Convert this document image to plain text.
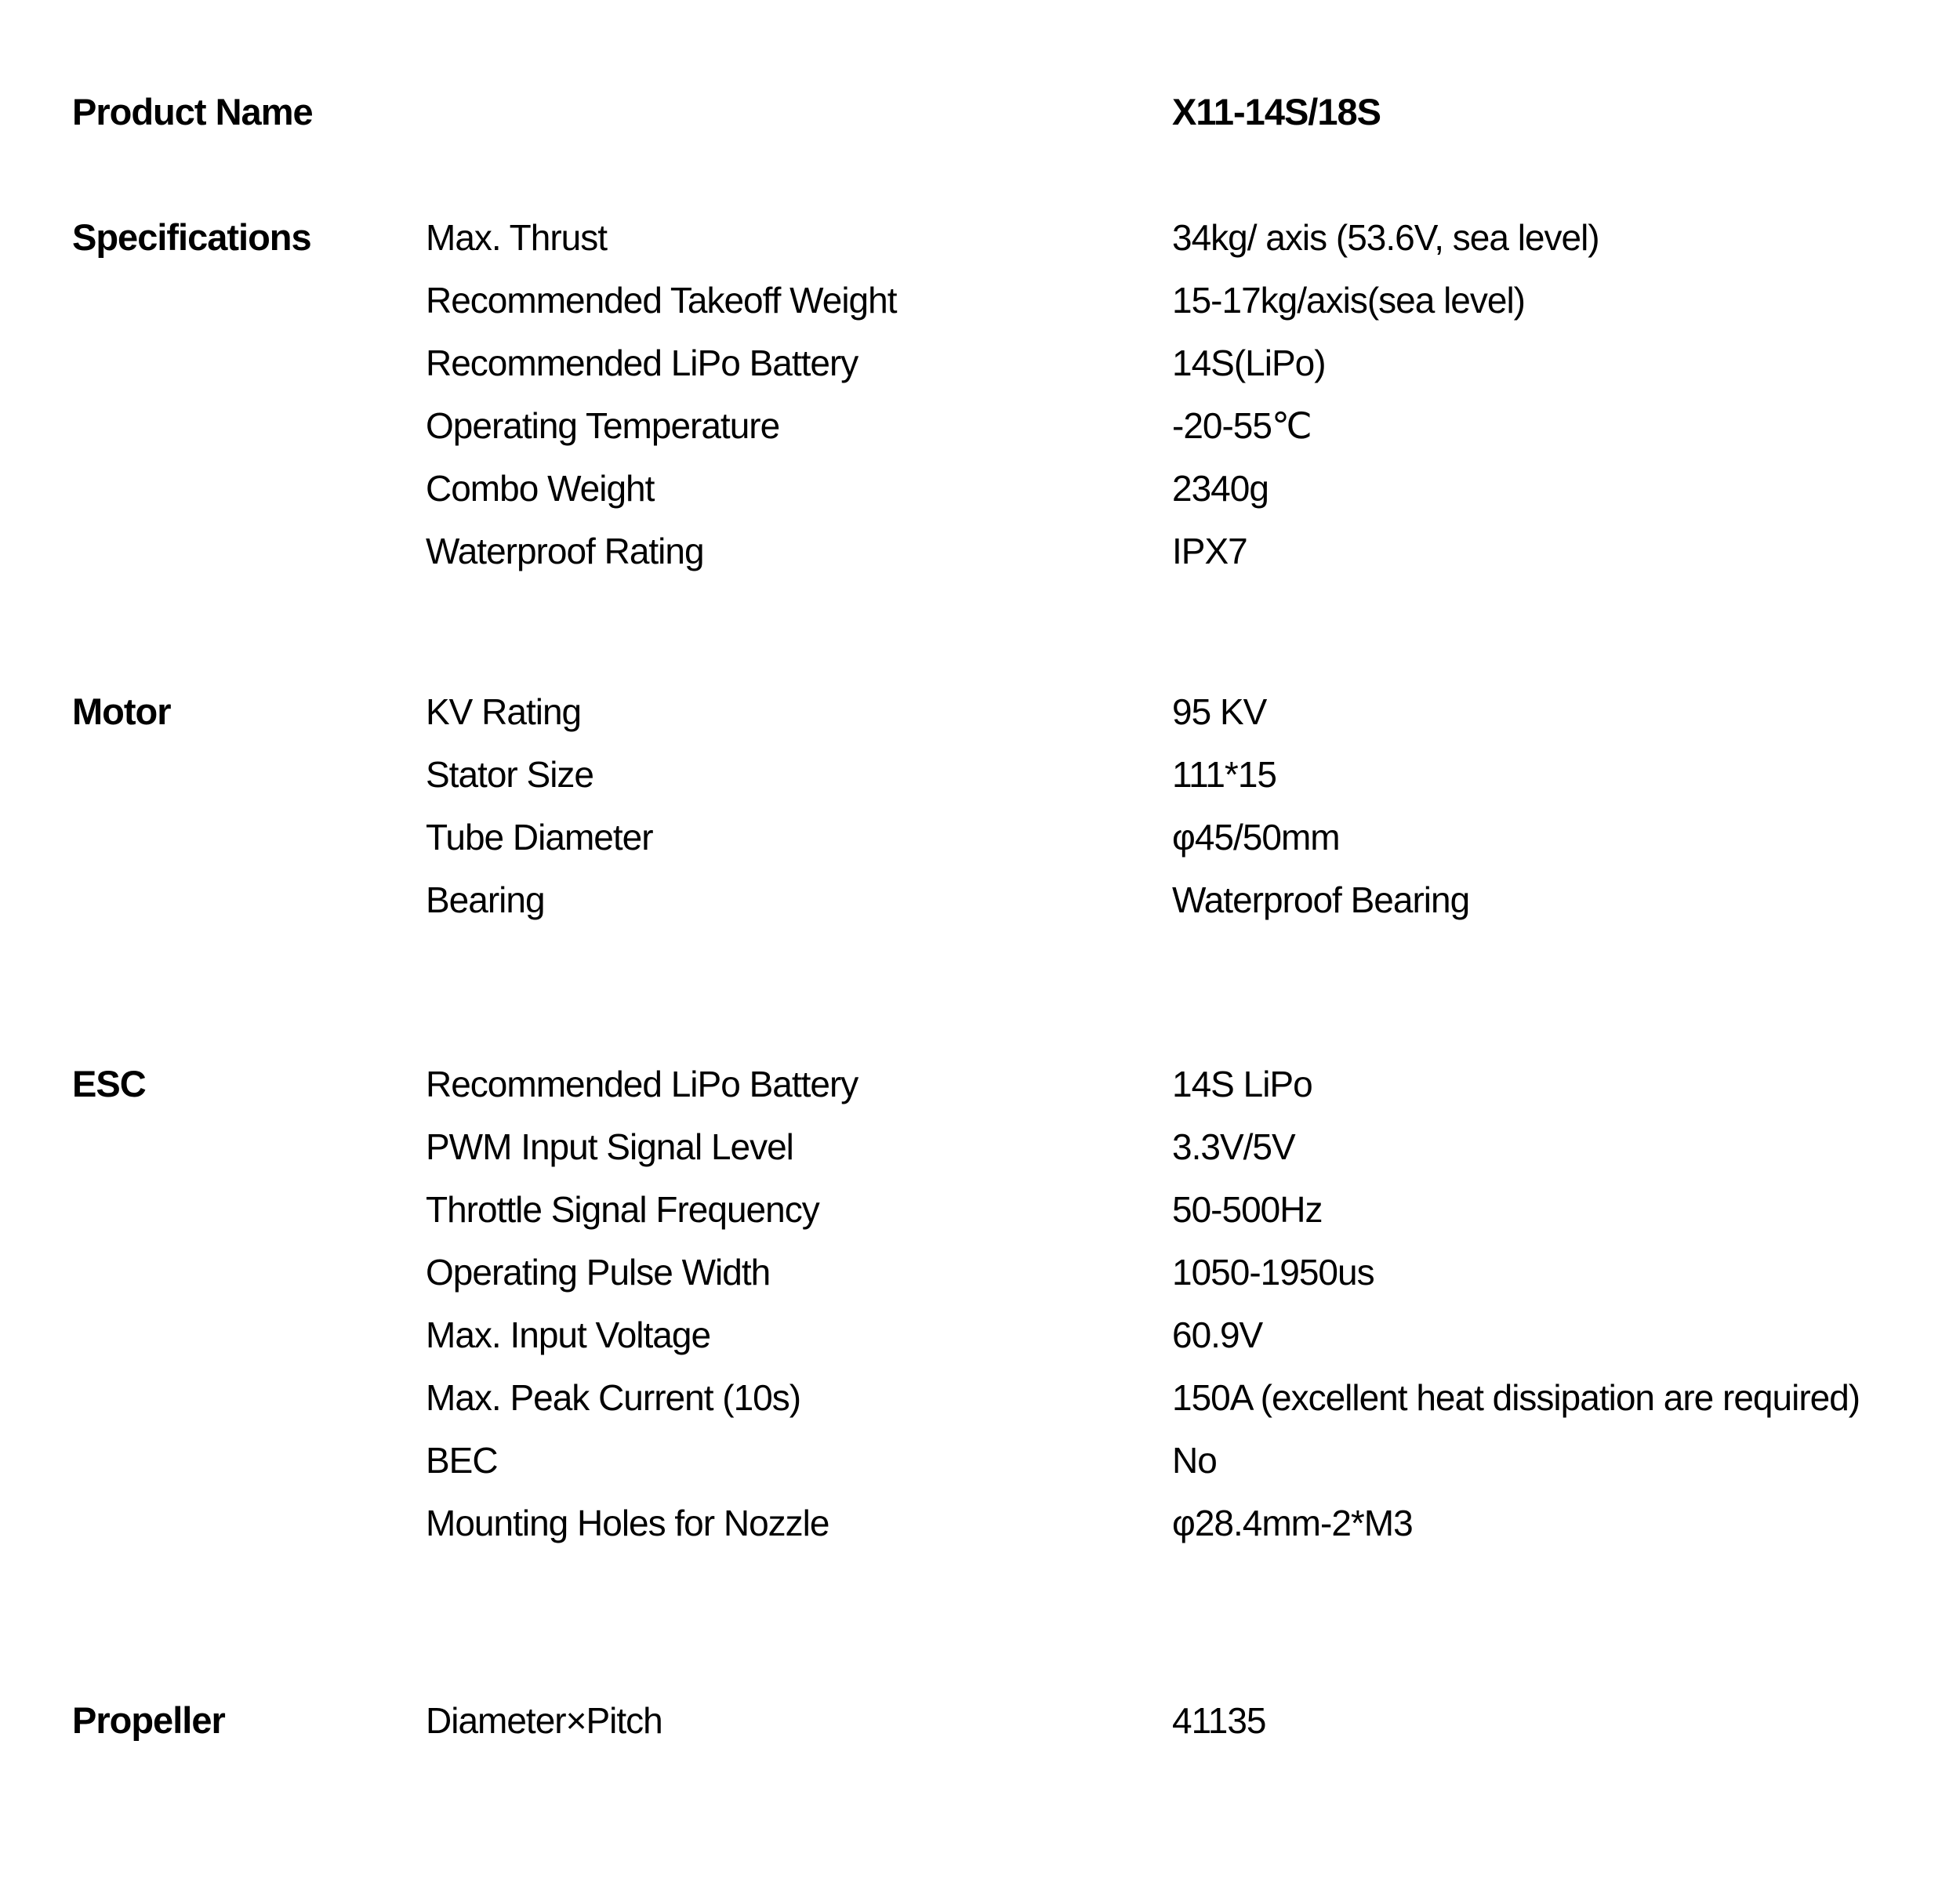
Product Name	X11-14S/18S
Specifications	Max. Thrust	34kg/ axis (53.6V, sea level)
Recommended Takeoff Weight	15-17kg/axis(sea level)
Recommended LiPo Battery	14S(LiPo)
Operating Temperature	-20-55℃
Combo Weight	2340g
Waterproof Rating	IPX7
Motor	KV Rating	95 KV
Stator Size	111*15
Tube Diameter	φ45/50mm
Bearing	Waterproof Bearing
ESC	Recommended LiPo Battery	14S LiPo
PWM Input Signal Level	3.3V/5V
Throttle Signal Frequency	50-500Hz
Operating Pulse Width	1050-1950us
Max. Input Voltage	60.9V
Max. Peak Current (10s)	150A (excellent heat dissipation are required)
BEC	No
Mounting Holes for Nozzle	φ28.4mm-2*M3
Propeller	Diameter×Pitch	41135
